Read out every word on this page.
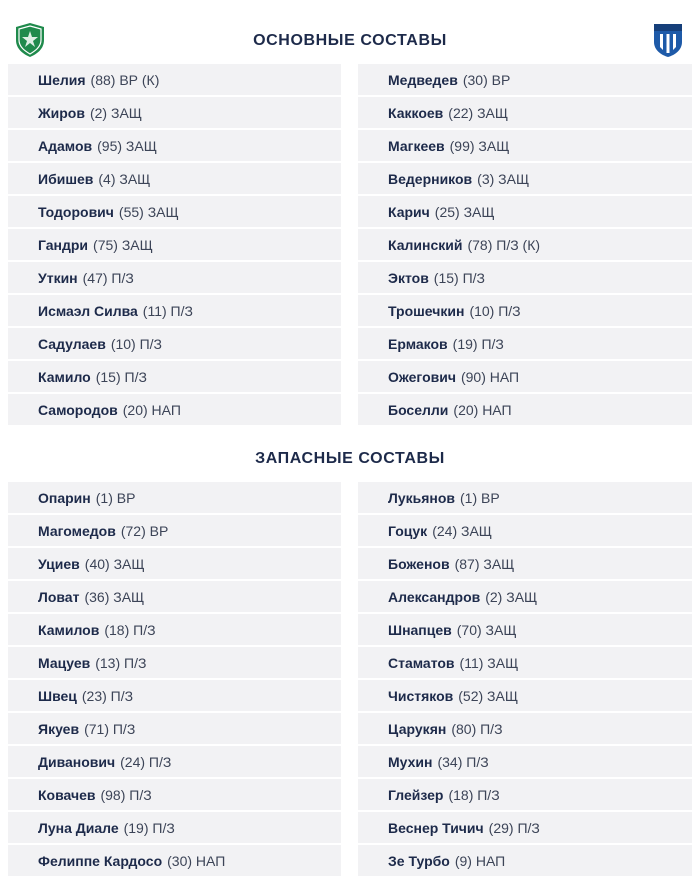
ОСНОВНЫЕ СОСТАВЫ
Шелия (88) ВР (К)	Медведев (30) ВР
Жиров (2) ЗАЩ	Каккоев (22) ЗАЩ
Адамов (95) ЗАЩ	Магкеев (99) ЗАЩ
Ибишев (4) ЗАЩ	Ведерников (3) ЗАЩ
Тодорович (55) ЗАЩ	Карич (25) ЗАЩ
Гандри (75) ЗАЩ	Калинский (78) П/З (К)
Уткин (47) П/З	Эктов (15) П/З
Исмаэл Силва (11) П/З	Трошечкин (10) П/З
Садулаев (10) П/З	Ермаков (19) П/З
Камило (15) П/З	Ожегович (90) НАП
Самородов (20) НАП	Боселли (20) НАП
ЗАПАСНЫЕ СОСТАВЫ
Опарин (1) ВР	Лукьянов (1) ВР
Магомедов (72) ВР	Гоцук (24) ЗАЩ
Уциев (40) ЗАЩ	Боженов (87) ЗАЩ
Ловат (36) ЗАЩ	Александров (2) ЗАЩ
Камилов (18) П/З	Шнапцев (70) ЗАЩ
Мацуев (13) П/З	Стаматов (11) ЗАЩ
Швец (23) П/З	Чистяков (52) ЗАЩ
Якуев (71) П/З	Царукян (80) П/З
Диванович (24) П/З	Мухин (34) П/З
Ковачев (98) П/З	Глейзер (18) П/З
Луна Диале (19) П/З	Веснер Тичич (29) П/З
Фелиппе Кардосо (30) НАП	Зе Турбо (9) НАП
